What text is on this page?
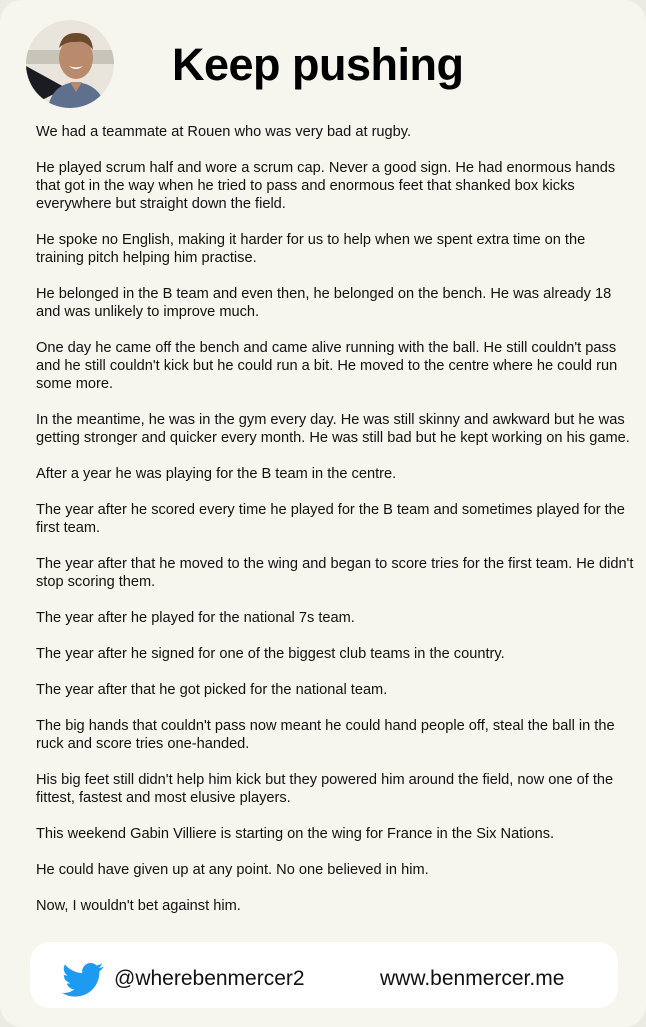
Keep pushing

We had a teammate at Rouen who was very bad at rugby.

He played scrum half and wore a scrum cap. Never a good sign. He had enormous hands that got in the way when he tried to pass and enormous feet that shanked box kicks everywhere but straight down the field.

He spoke no English, making it harder for us to help when we spent extra time on the training pitch helping him practise.

He belonged in the B team and even then, he belonged on the bench. He was already 18 and was unlikely to improve much.

One day he came off the bench and came alive running with the ball. He still couldn't pass and he still couldn't kick but he could run a bit. He moved to the centre where he could run some more.

In the meantime, he was in the gym every day. He was still skinny and awkward but he was getting stronger and quicker every month. He was still bad but he kept working on his game.

After a year he was playing for the B team in the centre.

The year after he scored every time he played for the B team and sometimes played for the first team.

The year after that he moved to the wing and began to score tries for the first team. He didn't stop scoring them.

The year after he played for the national 7s team.

The year after he signed for one of the biggest club teams in the country.

The year after that he got picked for the national team.

The big hands that couldn't pass now meant he could hand people off, steal the ball in the ruck and score tries one-handed.

His big feet still didn't help him kick but they powered him around the field, now one of the fittest, fastest and most elusive players.

This weekend Gabin Villiere is starting on the wing for France in the Six Nations.

He could have given up at any point. No one believed in him.

Now, I wouldn't bet against him.

@wherebenmercer2	www.benmercer.me
